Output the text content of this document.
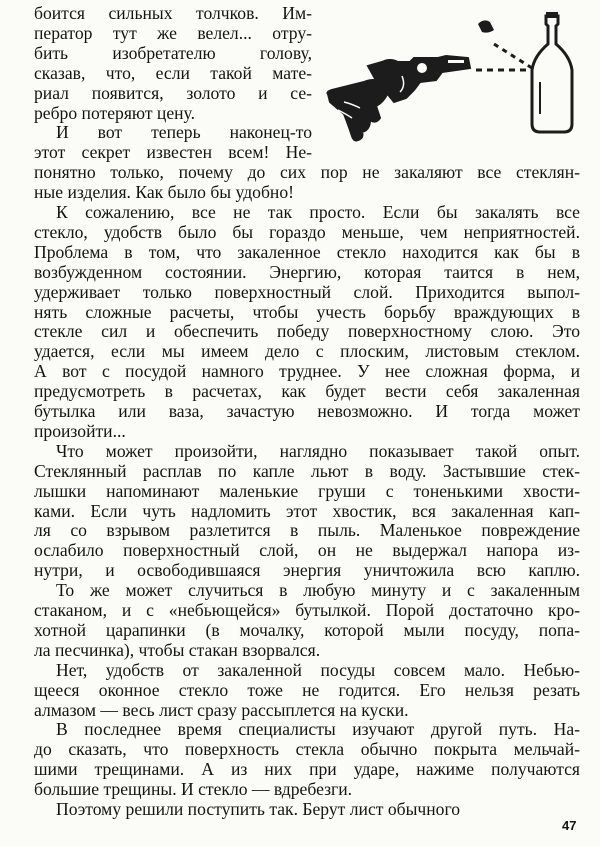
47

боится сильных толчков. Им-

ператор тут же велел... отру-

бить изобретателю голову,

сказав, что, если такой мате-

риал появится, золото и се-

ребро потеряют цену.

И вот теперь наконец-то

этот секрет известен всем! Не-

понятно только, почему до сих пор не закаляют все стеклян-

ные изделия. Как было бы удобно!

К сожалению, все не так просто. Если бы закалять все

стекло, удобств было бы гораздо меньше, чем неприятностей.

Проблема в том, что закаленное стекло находится как бы в

возбужденном состоянии. Энергию, которая таится в нем,

удерживает только поверхностный слой. Приходится выпол-

нять сложные расчеты, чтобы учесть борьбу враждующих в

стекле сил и обеспечить победу поверхностному слою. Это

удается, если мы имеем дело с плоским, листовым стеклом.

А вот с посудой намного труднее. У нее сложная форма, и

предусмотреть в расчетах, как будет вести себя закаленная

бутылка или ваза, зачастую невозможно. И тогда может

произойти...

Что может произойти, наглядно показывает такой опыт.

Стеклянный расплав по капле льют в воду. Застывшие стек-

лышки напоминают маленькие груши с тоненькими хвости-

ками. Если чуть надломить этот хвостик, вся закаленная кап-

ля со взрывом разлетится в пыль. Маленькое повреждение

ослабило поверхностный слой, он не выдержал напора из-

нутри, и освободившаяся энергия уничтожила всю каплю.

То же может случиться в любую минуту и с закаленным

стаканом, и с «небьющейся» бутылкой. Порой достаточно кро-

хотной царапинки (в мочалку, которой мыли посуду, попа-

ла песчинка), чтобы стакан взорвался.

Нет, удобств от закаленной посуды совсем мало. Небью-

щееся оконное стекло тоже не годится. Его нельзя резать

алмазом — весь лист сразу рассыплется на куски.

В последнее время специалисты изучают другой путь. На-

до сказать, что поверхность стекла обычно покрыта мельчай-

шими трещинами. А из них при ударе, нажиме получаются

большие трещины. И стекло — вдребезги.

Поэтому решили поступить так. Берут лист обычного
